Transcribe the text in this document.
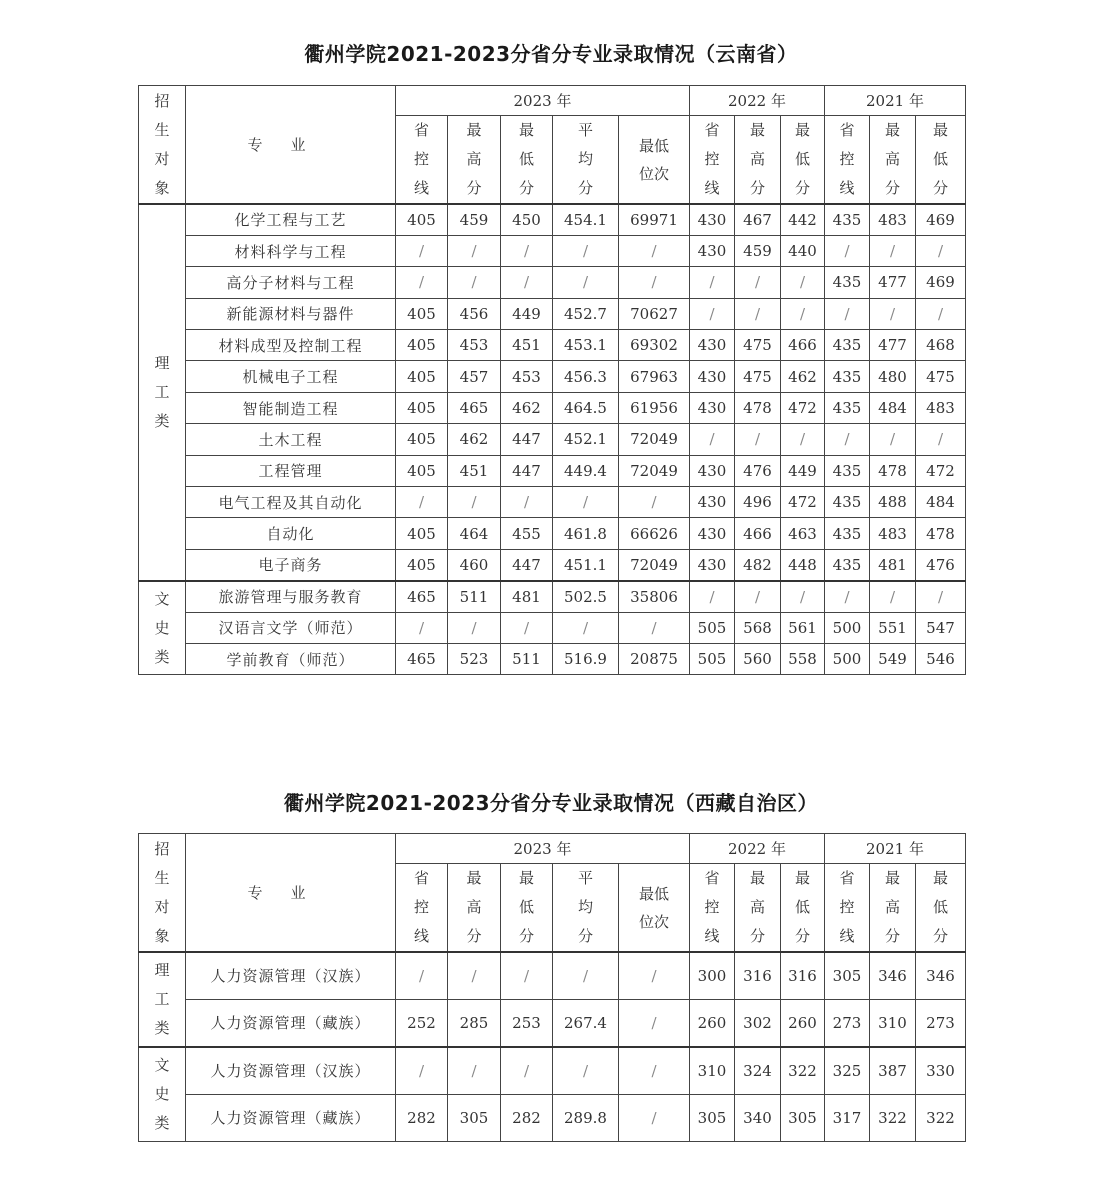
衢州学院2021-2023分省分专业录取情况（云南省）
招
生
对
象	专业	2023 年					2022 年			2021 年		
		省
控
线	最
高
分	最
低
分	平
均
分	最低
位次	省
控
线	最
高
分	最
低
分	省
控
线	最
高
分	最
低
分
理
工
类	化学工程与工艺	405	459	450	454.1	69971	430	467	442	435	483	469
	材料科学与工程	/	/	/	/	/	430	459	440	/	/	/
	高分子材料与工程	/	/	/	/	/	/	/	/	435	477	469
	新能源材料与器件	405	456	449	452.7	70627	/	/	/	/	/	/
	材料成型及控制工程	405	453	451	453.1	69302	430	475	466	435	477	468
	机械电子工程	405	457	453	456.3	67963	430	475	462	435	480	475
	智能制造工程	405	465	462	464.5	61956	430	478	472	435	484	483
	土木工程	405	462	447	452.1	72049	/	/	/	/	/	/
	工程管理	405	451	447	449.4	72049	430	476	449	435	478	472
	电气工程及其自动化	/	/	/	/	/	430	496	472	435	488	484
	自动化	405	464	455	461.8	66626	430	466	463	435	483	478
	电子商务	405	460	447	451.1	72049	430	482	448	435	481	476
文
史
类	旅游管理与服务教育	465	511	481	502.5	35806	/	/	/	/	/	/
	汉语言文学（师范）	/	/	/	/	/	505	568	561	500	551	547
	学前教育（师范）	465	523	511	516.9	20875	505	560	558	500	549	546
衢州学院2021-2023分省分专业录取情况（西藏自治区）
招
生
对
象	专业	2023 年					2022 年			2021 年		
		省
控
线	最
高
分	最
低
分	平
均
分	最低
位次	省
控
线	最
高
分	最
低
分	省
控
线	最
高
分	最
低
分
理
工
类	人力资源管理（汉族）	/	/	/	/	/	300	316	316	305	346	346
	人力资源管理（藏族）	252	285	253	267.4	/	260	302	260	273	310	273
文
史
类	人力资源管理（汉族）	/	/	/	/	/	310	324	322	325	387	330
	人力资源管理（藏族）	282	305	282	289.8	/	305	340	305	317	322	322
